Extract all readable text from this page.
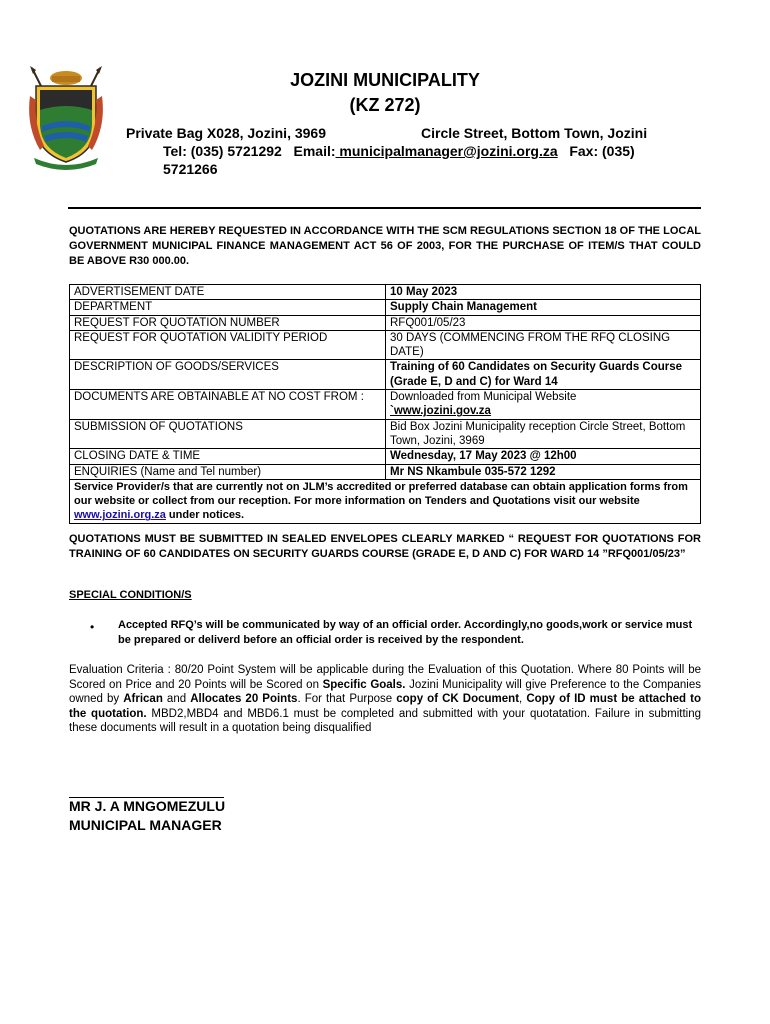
JOZINI MUNICIPALITY
(KZ 272)
Private Bag X028, Jozini, 3969	Circle Street, Bottom Town, Jozini
Tel: (035) 5721292 Email: municipalmanager@jozini.org.za Fax: (035)
5721266
QUOTATIONS ARE HEREBY REQUESTED IN ACCORDANCE WITH THE SCM REGULATIONS SECTION 18 OF THE LOCAL GOVERNMENT MUNICIPAL FINANCE MANAGEMENT ACT 56 OF 2003, FOR THE PURCHASE OF ITEM/S THAT COULD BE ABOVE R30 000.00.
ADVERTISEMENT DATE	10 May 2023
DEPARTMENT	Supply Chain Management
REQUEST FOR QUOTATION NUMBER	RFQ001/05/23
REQUEST FOR QUOTATION VALIDITY PERIOD	30 DAYS (COMMENCING FROM THE RFQ CLOSING DATE)
DESCRIPTION OF GOODS/SERVICES	Training of 60 Candidates on Security Guards Course (Grade E, D and C) for Ward 14
DOCUMENTS ARE OBTAINABLE AT NO COST FROM :	Downloaded from Municipal Website
`www.jozini.gov.za

SUBMISSION OF QUOTATIONS	Bid Box Jozini Municipality reception Circle Street, Bottom Town, Jozini, 3969
CLOSING DATE & TIME	Wednesday, 17 May 2023 @ 12h00
ENQUIRIES (Name and Tel number)	Mr NS Nkambule 035-572 1292
Service Provider/s that are currently not on JLM’s accredited or preferred database can obtain application forms from our website or collect from our reception. For more information on Tenders and Quotations visit our website www.jozini.org.za under notices.	
QUOTATIONS MUST BE SUBMITTED IN SEALED ENVELOPES CLEARLY MARKED “ REQUEST FOR QUOTATIONS FOR TRAINING OF 60 CANDIDATES ON SECURITY GUARDS COURSE (GRADE E, D AND C) FOR WARD 14 ”RFQ001/05/23”
SPECIAL CONDITION/S
• Accepted RFQ’s will be communicated by way of an official order. Accordingly,no goods,work or service must be prepared or deliverd before an official order is received by the respondent.
Evaluation Criteria : 80/20 Point System will be applicable during the Evaluation of this Quotation. Where 80 Points will be Scored on Price and 20 Points will be Scored on Specific Goals. Jozini Municipality will give Preference to the Companies owned by African and Allocates 20 Points. For that Purpose copy of CK Document, Copy of ID must be attached to the quotation. MBD2,MBD4 and MBD6.1 must be completed and submitted with your quotatation. Failure in submitting these documents will result in a quotation being disqualified
MR J. A MNGOMEZULU
MUNICIPAL MANAGER
